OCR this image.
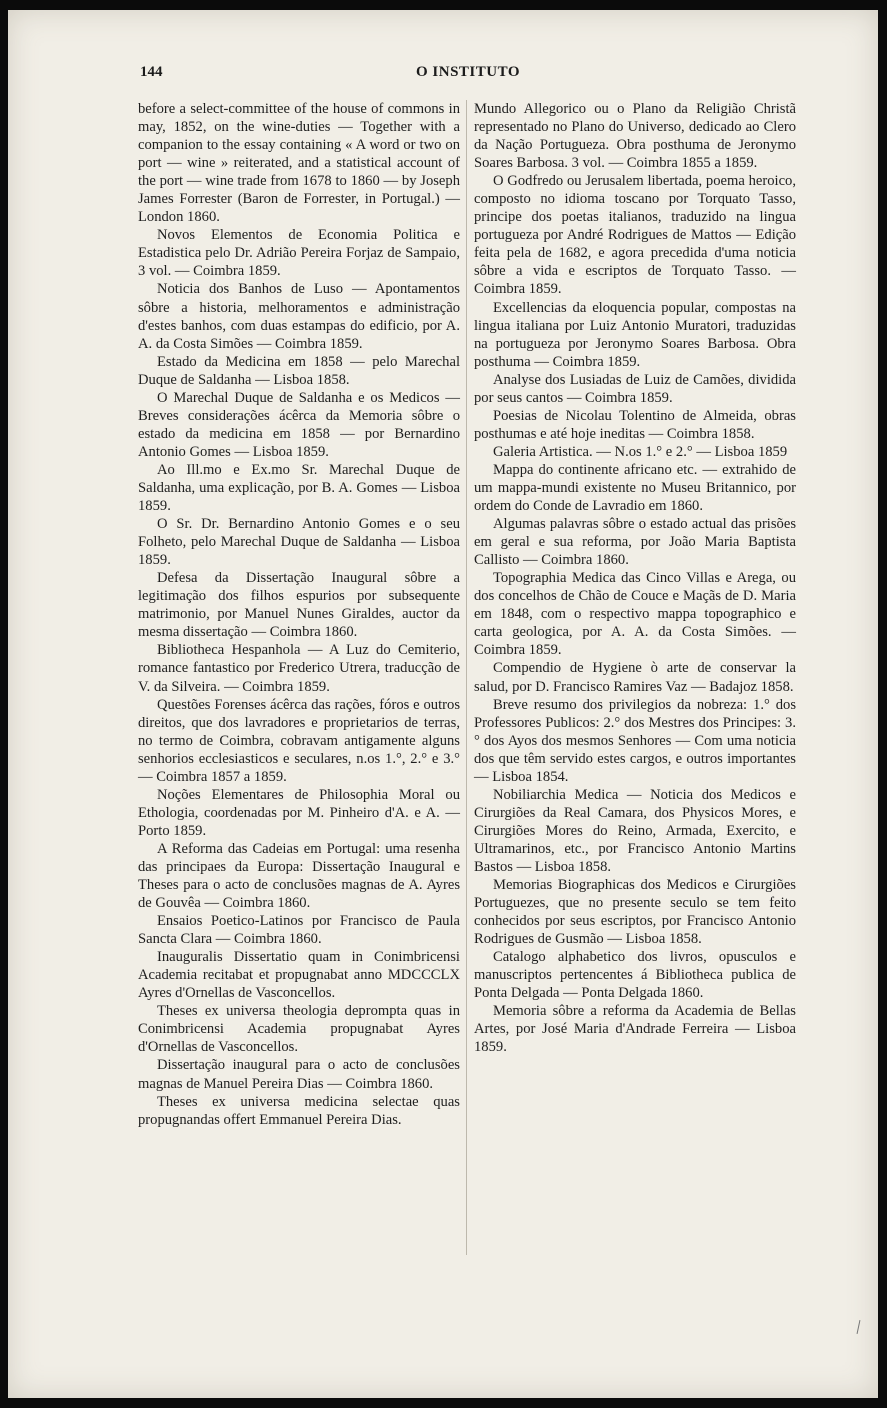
144	O INSTITUTO

before a select-committee of the house of commons in may, 1852, on the wine-duties — Together with a companion to the essay containing « A word or two on port — wine » reiterated, and a statistical account of the port — wine trade from 1678 to 1860 — by Joseph James Forrester (Baron de Forrester, in Portugal.) — London 1860.

Novos Elementos de Economia Politica e Estadistica pelo Dr. Adrião Pereira Forjaz de Sampaio, 3 vol. — Coimbra 1859.

Noticia dos Banhos de Luso — Apontamentos sôbre a historia, melhoramentos e administração d'estes banhos, com duas estampas do edificio, por A. A. da Costa Simões — Coimbra 1859.

Estado da Medicina em 1858 — pelo Marechal Duque de Saldanha — Lisboa 1858.

O Marechal Duque de Saldanha e os Medicos — Breves considerações ácêrca da Memoria sôbre o estado da medicina em 1858 — por Bernardino Antonio Gomes — Lisboa 1859.

Ao Ill.mo e Ex.mo Sr. Marechal Duque de Saldanha, uma explicação, por B. A. Gomes — Lisboa 1859.

O Sr. Dr. Bernardino Antonio Gomes e o seu Folheto, pelo Marechal Duque de Saldanha — Lisboa 1859.

Defesa da Dissertação Inaugural sôbre a legitimação dos filhos espurios por subsequente matrimonio, por Manuel Nunes Giraldes, auctor da mesma dissertação — Coimbra 1860.

Bibliotheca Hespanhola — A Luz do Cemiterio, romance fantastico por Frederico Utrera, traducção de V. da Silveira. — Coimbra 1859.

Questões Forenses ácêrca das rações, fóros e outros direitos, que dos lavradores e proprietarios de terras, no termo de Coimbra, cobravam antigamente alguns senhorios ecclesiasticos e seculares, n.os 1.°, 2.° e 3.° — Coimbra 1857 a 1859.

Noções Elementares de Philosophia Moral ou Ethologia, coordenadas por M. Pinheiro d'A. e A. — Porto 1859.

A Reforma das Cadeias em Portugal: uma resenha das principaes da Europa: Dissertação Inaugural e Theses para o acto de conclusões magnas de A. Ayres de Gouvêa — Coimbra 1860.

Ensaios Poetico-Latinos por Francisco de Paula Sancta Clara — Coimbra 1860.

Inauguralis Dissertatio quam in Conimbricensi Academia recitabat et propugnabat anno MDCCCLX Ayres d'Ornellas de Vasconcellos.

Theses ex universa theologia deprompta quas in Conimbricensi Academia propugnabat Ayres d'Ornellas de Vasconcellos.

Dissertação inaugural para o acto de conclusões magnas de Manuel Pereira Dias — Coimbra 1860.

Theses ex universa medicina selectae quas propugnandas offert Emmanuel Pereira Dias.

Mundo Allegorico ou o Plano da Religião Christã representado no Plano do Universo, dedicado ao Clero da Nação Portugueza. Obra posthuma de Jeronymo Soares Barbosa. 3 vol. — Coimbra 1855 a 1859.

O Godfredo ou Jerusalem libertada, poema heroico, composto no idioma toscano por Torquato Tasso, principe dos poetas italianos, traduzido na lingua portugueza por André Rodrigues de Mattos — Edição feita pela de 1682, e agora precedida d'uma noticia sôbre a vida e escriptos de Torquato Tasso. — Coimbra 1859.

Excellencias da eloquencia popular, compostas na lingua italiana por Luiz Antonio Muratori, traduzidas na portugueza por Jeronymo Soares Barbosa. Obra posthuma — Coimbra 1859.

Analyse dos Lusiadas de Luiz de Camões, dividida por seus cantos — Coimbra 1859.

Poesias de Nicolau Tolentino de Almeida, obras posthumas e até hoje ineditas — Coimbra 1858.

Galeria Artistica. — N.os 1.° e 2.° — Lisboa 1859

Mappa do continente africano etc. — extrahido de um mappa-mundi existente no Museu Britannico, por ordem do Conde de Lavradio em 1860.

Algumas palavras sôbre o estado actual das prisões em geral e sua reforma, por João Maria Baptista Callisto — Coimbra 1860.

Topographia Medica das Cinco Villas e Arega, ou dos concelhos de Chão de Couce e Maçãs de D. Maria em 1848, com o respectivo mappa topographico e carta geologica, por A. A. da Costa Simões. — Coimbra 1859.

Compendio de Hygiene ò arte de conservar la salud, por D. Francisco Ramires Vaz — Badajoz 1858.

Breve resumo dos privilegios da nobreza: 1.° dos Professores Publicos: 2.° dos Mestres dos Principes: 3.° dos Ayos dos mesmos Senhores — Com uma noticia dos que têm servido estes cargos, e outros importantes — Lisboa 1854.

Nobiliarchia Medica — Noticia dos Medicos e Cirurgiões da Real Camara, dos Physicos Mores, e Cirurgiões Mores do Reino, Armada, Exercito, e Ultramarinos, etc., por Francisco Antonio Martins Bastos — Lisboa 1858.

Memorias Biographicas dos Medicos e Cirurgiões Portuguezes, que no presente seculo se tem feito conhecidos por seus escriptos, por Francisco Antonio Rodrigues de Gusmão — Lisboa 1858.

Catalogo alphabetico dos livros, opusculos e manuscriptos pertencentes á Bibliotheca publica de Ponta Delgada — Ponta Delgada 1860.

Memoria sôbre a reforma da Academia de Bellas Artes, por José Maria d'Andrade Ferreira — Lisboa 1859.
